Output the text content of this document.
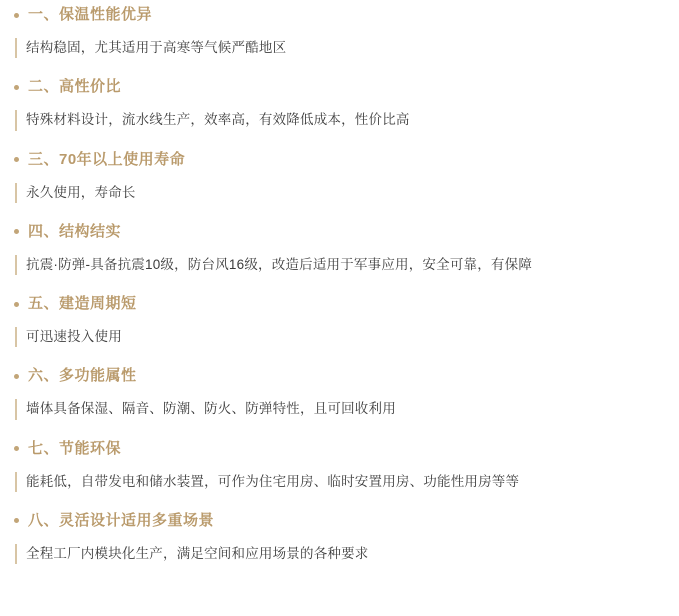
一、保温性能优异
结构稳固，尤其适用于高寒等气候严酷地区
二、高性价比
特殊材料设计，流水线生产，效率高，有效降低成本，性价比高
三、70年以上使用寿命
永久使用，寿命长
四、结构结实
抗震·防弹-具备抗震10级，防台风16级，改造后适用于军事应用，安全可靠，有保障
五、建造周期短
可迅速投入使用
六、多功能属性
墙体具备保湿、隔音、防潮、防火、防弹特性，且可回收利用
七、节能环保
能耗低，自带发电和储水装置，可作为住宅用房、临时安置用房、功能性用房等等
八、灵活设计适用多重场景
全程工厂内模块化生产，满足空间和应用场景的各种要求
